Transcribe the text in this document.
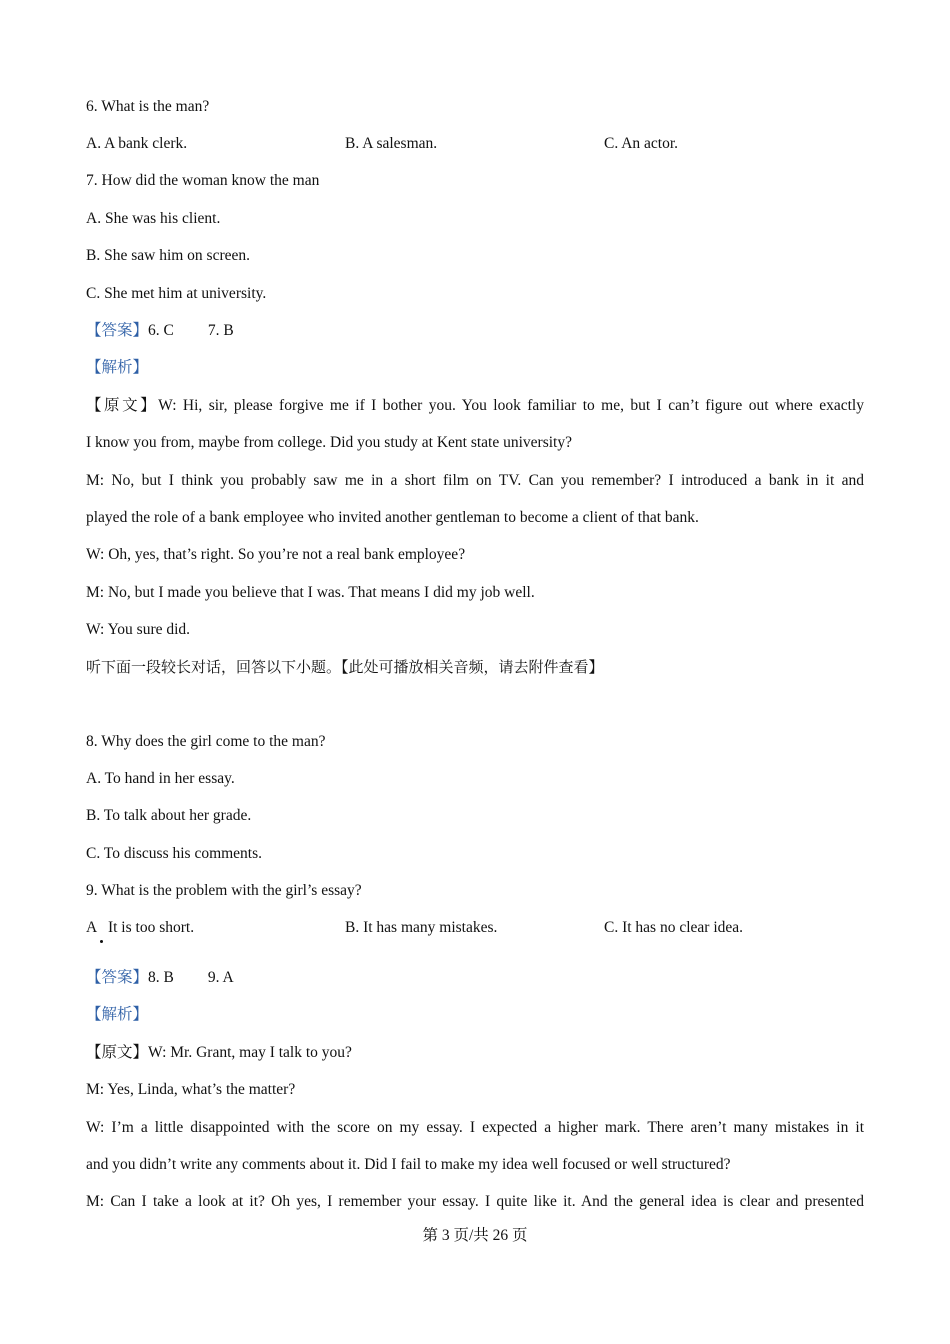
6. What is the man?
A. A bank clerk.	B. A salesman.	C. An actor.
7. How did the woman know the man
A. She was his client.
B. She saw him on screen.
C. She met him at university.
【答案】6. C 7. B
【解析】
【原文】W: Hi, sir, please forgive me if I bother you. You look familiar to me, but I can’t figure out where exactly
I know you from, maybe from college. Did you study at Kent state university?
M: No, but I think you probably saw me in a short film on TV. Can you remember? I introduced a bank in it and
played the role of a bank employee who invited another gentleman to become a client of that bank.
W: Oh, yes, that’s right. So you’re not a real bank employee?
M: No, but I made you believe that I was. That means I did my job well.
W: You sure did.
听下面一段较长对话，回答以下小题。【此处可播放相关音频，请去附件查看】
8. Why does the girl come to the man?
A. To hand in her essay.
B. To talk about her grade.
C. To discuss his comments.
9. What is the problem with the girl’s essay?
A   It is too short.	B. It has many mistakes.	C. It has no clear idea.
【答案】8. B 9. A
【解析】
【原文】W: Mr. Grant, may I talk to you?
M: Yes, Linda, what’s the matter?
W: I’m a little disappointed with the score on my essay. I expected a higher mark. There aren’t many mistakes in it
and you didn’t write any comments about it. Did I fail to make my idea well focused or well structured?
M: Can I take a look at it? Oh yes, I remember your essay. I quite like it. And the general idea is clear and presented
第 3 页/共 26 页
